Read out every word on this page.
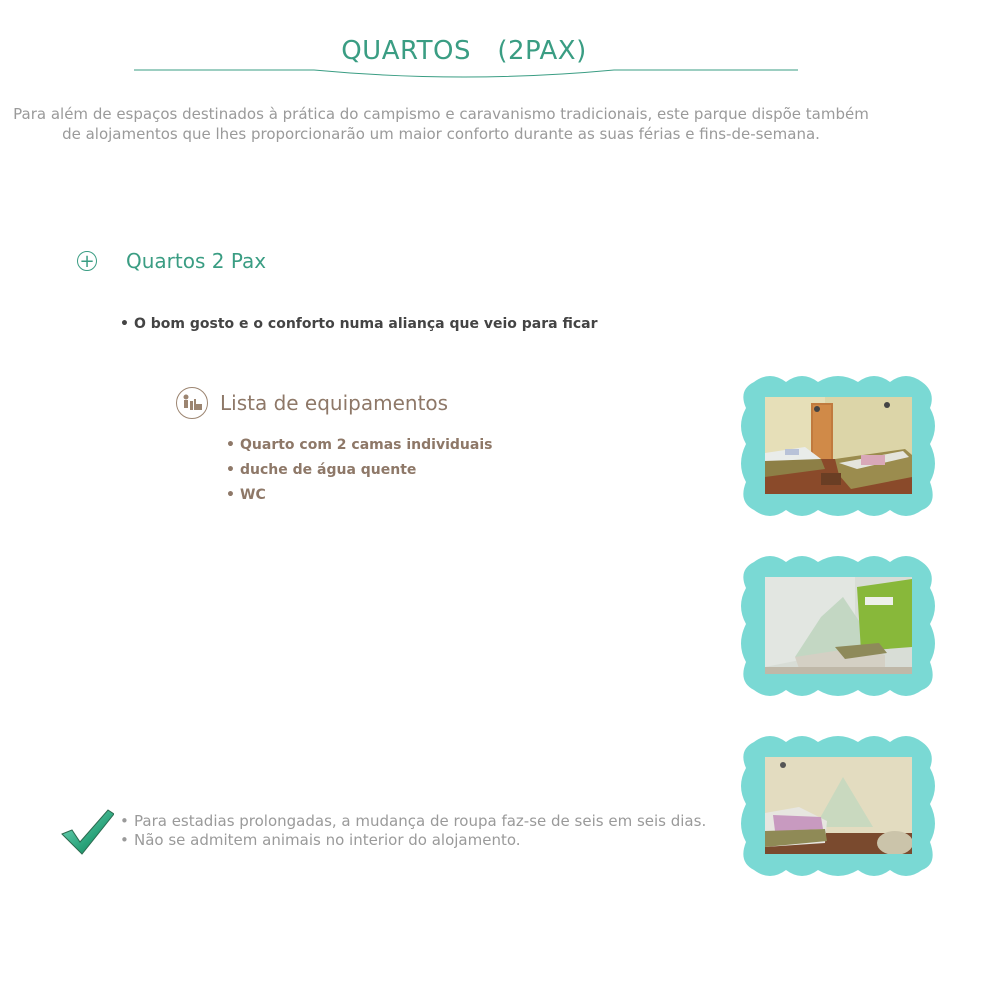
QUARTOS   (2PAX)
Para além de espaços destinados à prática do campismo e caravanismo tradicionais, este parque dispõe também
de alojamentos que lhes proporcionarão um maior conforto durante as suas férias e fins-de-semana.
+ Quartos 2 Pax
• O bom gosto e o conforto numa aliança que veio para ficar
Lista de equipamentos
• Quarto com 2 camas individuais
• duche de água quente
• WC
• Para estadias prolongadas, a mudança de roupa faz-se de seis em seis dias.
• Não se admitem animais no interior do alojamento.
